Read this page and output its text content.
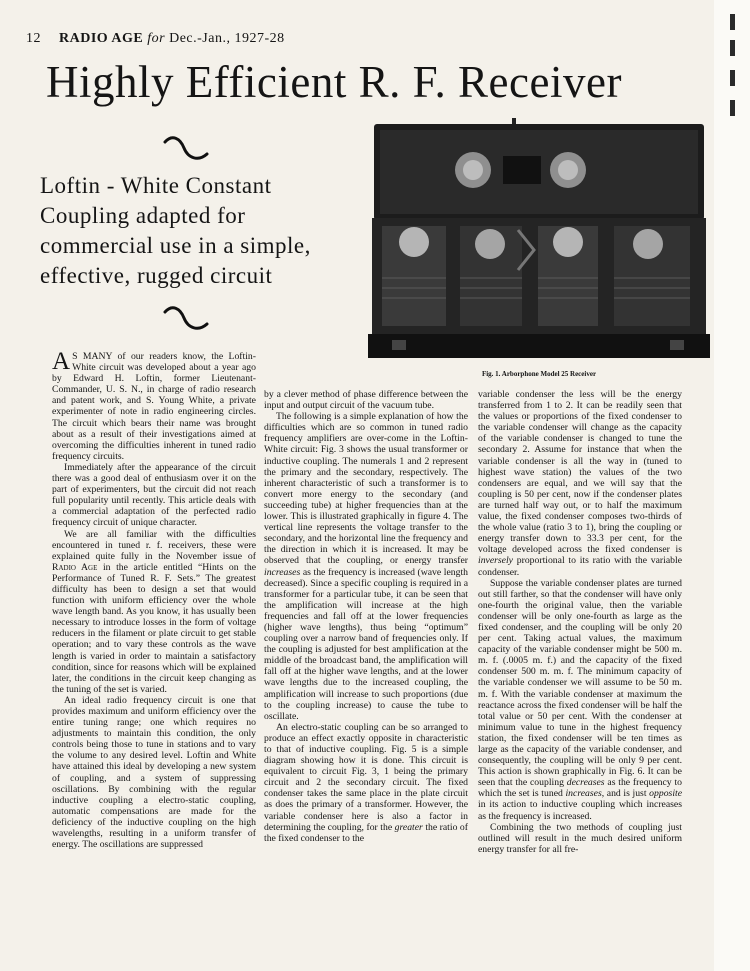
12 RADIO AGE for Dec.-Jan., 1927-28
Highly Efficient R. F. Receiver
Loftin - White Constant Coupling adapted for commercial use in a simple, effective, rugged circuit
Fig. 1. Arborphone Model 25 Receiver

A S MANY of our readers know, the Loftin-White circuit was developed about a year ago by Edward H. Loftin, former Lieutenant-Commander, U. S. N., in charge of radio research and patent work, and S. Young White, a private experimenter of note in radio engineering circles. The circuit which bears their name was brought about as a result of their investigations aimed at overcoming the difficulties inherent in tuned radio frequency circuits.

Immediately after the appearance of the circuit there was a good deal of enthusiasm over it on the part of experimenters, but the circuit did not reach full popularity until recently. This article deals with a commercial adaptation of the perfected radio frequency circuit of unique character.

We are all familiar with the difficulties encountered in tuned r. f. receivers, these were explained quite fully in the November issue of Radio Age in the article entitled “Hints on the Performance of Tuned R. F. Sets.” The greatest difficulty has been to design a set that would function with uniform efficiency over the whole wave length band. As you know, it has usually been necessary to introduce losses in the form of voltage reducers in the filament or plate circuit to get stable operation; and to vary these controls as the wave length is varied in order to maintain a satisfactory condition, since for reasons which will be explained later, the conditions in the circuit keep changing as the tuning of the set is varied.

An ideal radio frequency circuit is one that provides maximum and uniform efficiency over the entire tuning range; one which requires no adjustments to maintain this condition, the only controls being those to tune in stations and to vary the volume to any desired level. Loftin and White have attained this ideal by developing a new system of coupling, and a system of suppressing oscillations. By combining with the regular inductive coupling a electro-static coupling, automatic compensations are made for the deficiency of the inductive coupling on the high wavelengths, resulting in a uniform transfer of energy. The oscillations are suppressed

by a clever method of phase difference between the input and output circuit of the vacuum tube.

The following is a simple explanation of how the difficulties which are so common in tuned radio frequency amplifiers are over-come in the Loftin-White circuit: Fig. 3 shows the usual transformer or inductive coupling. The numerals 1 and 2 represent the primary and the secondary, respectively. The inherent characteristic of such a transformer is to convert more energy to the secondary (and succeeding tube) at higher frequencies than at the lower. This is illustrated graphically in figure 4. The vertical line represents the voltage transfer to the secondary, and the horizontal line the frequency and the direction in which it is increased. It may be observed that the coupling, or energy transfer increases as the frequency is increased (wave length decreased). Since a specific coupling is required in a transformer for a particular tube, it can be seen that the amplification will increase at the high frequencies and fall off at the lower frequencies (higher wave lengths), thus being “optimum” coupling over a narrow band of frequencies only. If the coupling is adjusted for best amplification at the middle of the broadcast band, the amplification will fall off at the higher wave lengths, and at the lower wave lengths due to the increased coupling, the amplification will increase to such proportions (due to the coupling increase) to cause the tube to oscillate.

An electro-static coupling can be so arranged to produce an effect exactly opposite in characteristic to that of inductive coupling. Fig. 5 is a simple diagram showing how it is done. This circuit is equivalent to circuit Fig. 3, 1 being the primary circuit and 2 the secondary circuit. The fixed condenser takes the same place in the plate circuit as does the primary of a transformer. However, the variable condenser here is also a factor in determining the coupling, for the greater the ratio of the fixed condenser to the

variable condenser the less will be the energy transferred from 1 to 2. It can be readily seen that the values or proportions of the fixed condenser to the variable condenser will change as the capacity of the variable condenser is changed to tune the secondary 2. Assume for instance that when the variable condenser is all the way in (tuned to highest wave station) the values of the two condensers are equal, and we will say that the coupling is 50 per cent, now if the condenser plates are turned half way out, or to half the maximum value, the fixed condenser composes two-thirds of the whole value (ratio 3 to 1), bring the coupling or energy transfer down to 33.3 per cent, for the voltage developed across the fixed condenser is inversely proportional to its ratio with the variable condenser.

Suppose the variable condenser plates are turned out still farther, so that the condenser will have only one-fourth the original value, then the variable condenser will be only one-fourth as large as the fixed condenser, and the coupling will be only 20 per cent. Taking actual values, the maximum capacity of the variable condenser might be 500 m. m. f. (.0005 m. f.) and the capacity of the fixed condenser 500 m. m. f. The minimum capacity of the variable condenser we will assume to be 50 m. m. f. With the variable condenser at maximum the reactance across the fixed condenser will be half the total value or 50 per cent. With the condenser at minimum value to tune in the highest frequency station, the fixed condenser will be ten times as large as the capacity of the variable condenser, and consequently, the coupling will be only 9 per cent. This action is shown graphically in Fig. 6. It can be seen that the coupling decreases as the frequency to which the set is tuned increases, and is just opposite in its action to inductive coupling which increases as the frequency is increased.

Combining the two methods of coupling just outlined will result in the much desired uniform energy transfer for all fre-
